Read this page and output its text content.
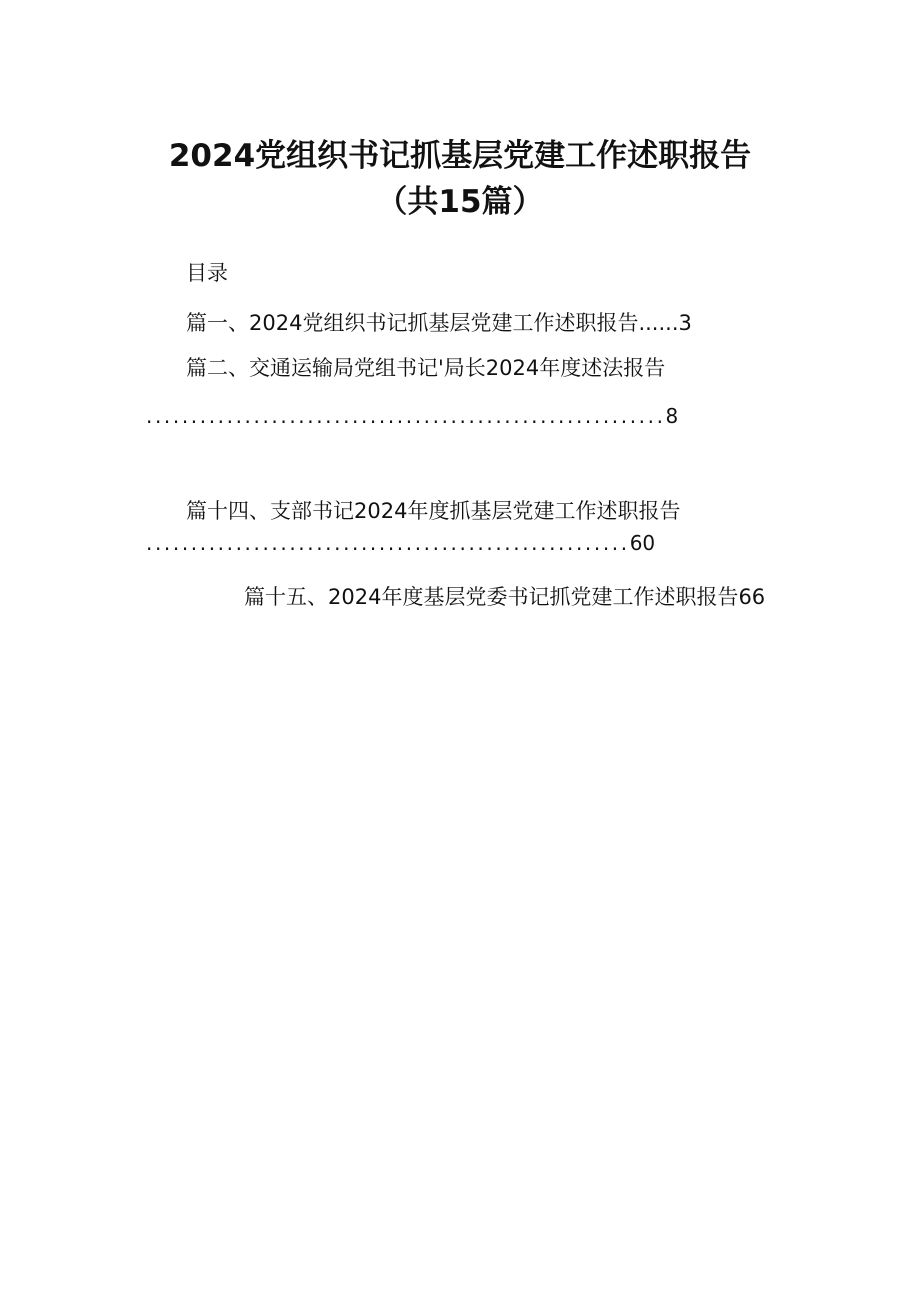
2024党组织书记抓基层党建工作述职报告
（共15篇）
目录
篇一、2024党组织书记抓基层党建工作述职报告......3
篇二、交通运输局党组书记'局长2024年度述法报告
..........................................................8
篇十四、支部书记2024年度抓基层党建工作述职报告
......................................................60
篇十五、2024年度基层党委书记抓党建工作述职报告66
